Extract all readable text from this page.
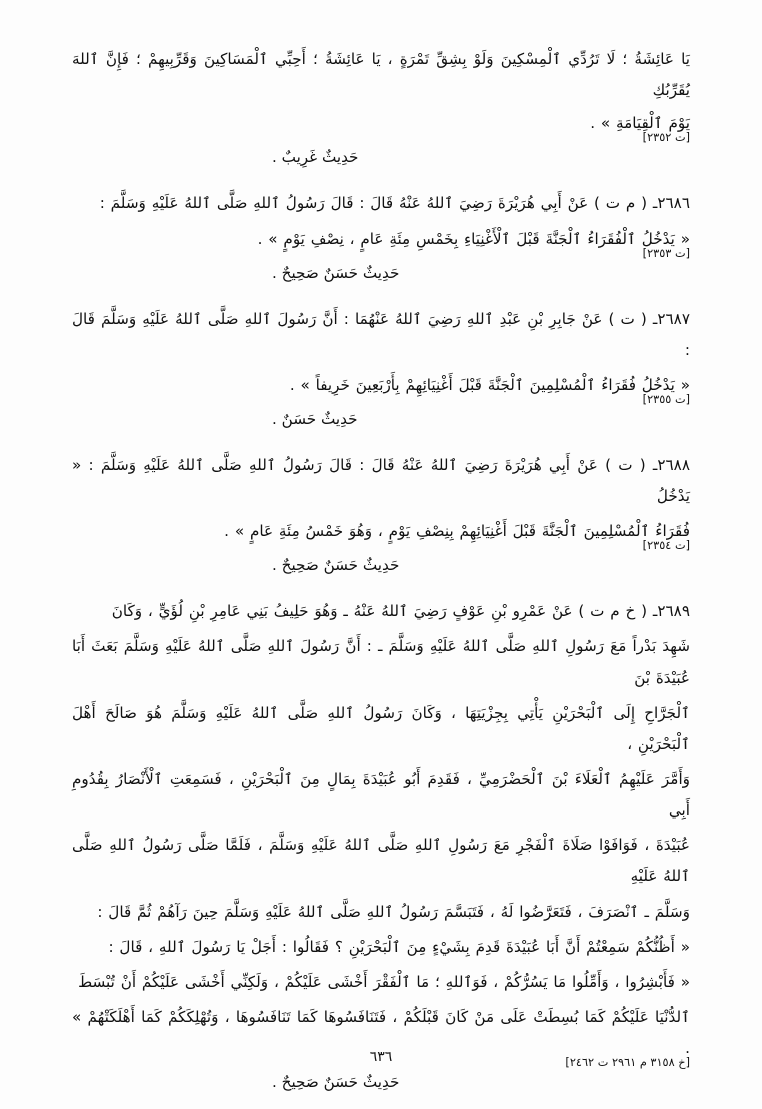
يَا عَائِشَةُ ؛ لَا تَرُدِّي ٱلْمِسْكِينَ وَلَوْ بِشِقِّ تَمْرَةٍ ، يَا عَائِشَةُ ؛ أَحِبِّي ٱلْمَسَاكِينَ وَقَرِّبِيهِمْ ؛ فَإِنَّ ٱللهَ يُقَرِّبُكِ

يَوْمَ ٱلْقِيَامَةِ » .

حَدِيثٌ غَرِيبٌ .
[ت ٢٣٥٢]

٢٦٨٦ـ ( م ت ) عَنْ أَبِي هُرَيْرَةَ رَضِيَ ٱللهُ عَنْهُ قَالَ : قَالَ رَسُولُ ٱللهِ صَلَّى ٱللهُ عَلَيْهِ وَسَلَّمَ :

« يَدْخُلُ ٱلْفُقَرَاءُ ٱلْجَنَّةَ قَبْلَ ٱلْأَغْنِيَاءِ بِخَمْسِ مِئَةِ عَامٍ ، نِصْفِ يَوْمٍ » .

حَدِيثٌ حَسَنٌ صَحِيحٌ .
[ت ٢٣٥٣]

٢٦٨٧ـ ( ت ) عَنْ جَابِرِ بْنِ عَبْدِ ٱللهِ رَضِيَ ٱللهُ عَنْهُمَا : أَنَّ رَسُولَ ٱللهِ صَلَّى ٱللهُ عَلَيْهِ وَسَلَّمَ قَالَ :

« يَدْخُلُ فُقَرَاءُ ٱلْمُسْلِمِينَ ٱلْجَنَّةَ قَبْلَ أَغْنِيَائِهِمْ بِأَرْبَعِينَ خَرِيفاً » .

حَدِيثٌ حَسَنٌ .
[ت ٢٣٥٥]

٢٦٨٨ـ ( ت ) عَنْ أَبِي هُرَيْرَةَ رَضِيَ ٱللهُ عَنْهُ قَالَ : قَالَ رَسُولُ ٱللهِ صَلَّى ٱللهُ عَلَيْهِ وَسَلَّمَ : « يَدْخُلُ

فُقَرَاءُ ٱلْمُسْلِمِينَ ٱلْجَنَّةَ قَبْلَ أَغْنِيَائِهِمْ بِنِصْفِ يَوْمٍ ، وَهُوَ خَمْسُ مِئَةِ عَامٍ » .

حَدِيثٌ حَسَنٌ صَحِيحٌ .
[ت ٢٣٥٤]

٢٦٨٩ـ ( خ م ت ) عَنْ عَمْرِو بْنِ عَوْفٍ رَضِيَ ٱللهُ عَنْهُ ـ وَهُوَ حَلِيفُ بَنِي عَامِرِ بْنِ لُؤَيٍّ ، وَكَانَ

شَهِدَ بَدْراً مَعَ رَسُولِ ٱللهِ صَلَّى ٱللهُ عَلَيْهِ وَسَلَّمَ ـ : أَنَّ رَسُولَ ٱللهِ صَلَّى ٱللهُ عَلَيْهِ وَسَلَّمَ بَعَثَ أَبَا عُبَيْدَةَ بْنَ

ٱلْجَرَّاحِ إِلَى ٱلْبَحْرَيْنِ يَأْتِي بِجِزْيَتِهَا ، وَكَانَ رَسُولُ ٱللهِ صَلَّى ٱللهُ عَلَيْهِ وَسَلَّمَ هُوَ صَالَحَ أَهْلَ ٱلْبَحْرَيْنِ ،

وَأَمَّرَ عَلَيْهِمُ ٱلْعَلَاءَ بْنَ ٱلْحَضْرَمِيِّ ، فَقَدِمَ أَبُو عُبَيْدَةَ بِمَالٍ مِنَ ٱلْبَحْرَيْنِ ، فَسَمِعَتِ ٱلْأَنْصَارُ بِقُدُومِ أَبِي

عُبَيْدَةَ ، فَوَافَوْا صَلَاةَ ٱلْفَجْرِ مَعَ رَسُولِ ٱللهِ صَلَّى ٱللهُ عَلَيْهِ وَسَلَّمَ ، فَلَمَّا صَلَّى رَسُولُ ٱللهِ صَلَّى ٱللهُ عَلَيْهِ

وَسَلَّمَ ـ ٱنْصَرَفَ ، فَتَعَرَّضُوا لَهُ ، فَتَبَسَّمَ رَسُولُ ٱللهِ صَلَّى ٱللهُ عَلَيْهِ وَسَلَّمَ حِينَ رَآهُمْ ثُمَّ قَالَ :

« أَظُنُّكُمْ سَمِعْتُمْ أَنَّ أَبَا عُبَيْدَةَ قَدِمَ بِشَيْءٍ مِنَ ٱلْبَحْرَيْنِ ؟ فَقَالُوا : أَجَلْ يَا رَسُولَ ٱللهِ ، قَالَ :

« فَأَبْشِرُوا ، وَأَمِّلُوا مَا يَسُرُّكُمْ ، فَوَٱللهِ ؛ مَا ٱلْفَقْرَ أَخْشَى عَلَيْكُمْ ، وَلَكِنِّي أَخْشَى عَلَيْكُمْ أَنْ تُبْسَطَ

ٱلدُّنْيَا عَلَيْكُمْ كَمَا بُسِطَتْ عَلَى مَنْ كَانَ قَبْلَكُمْ ، فَتَنَافَسُوهَا كَمَا تَنَافَسُوهَا ، وَتُهْلِكَكُمْ كَمَا أَهْلَكَتْهُمْ » .

حَدِيثٌ حَسَنٌ صَحِيحٌ .
[خ ٣١٥٨ م ٢٩٦١ ت ٢٤٦٢]
٦٣٦
